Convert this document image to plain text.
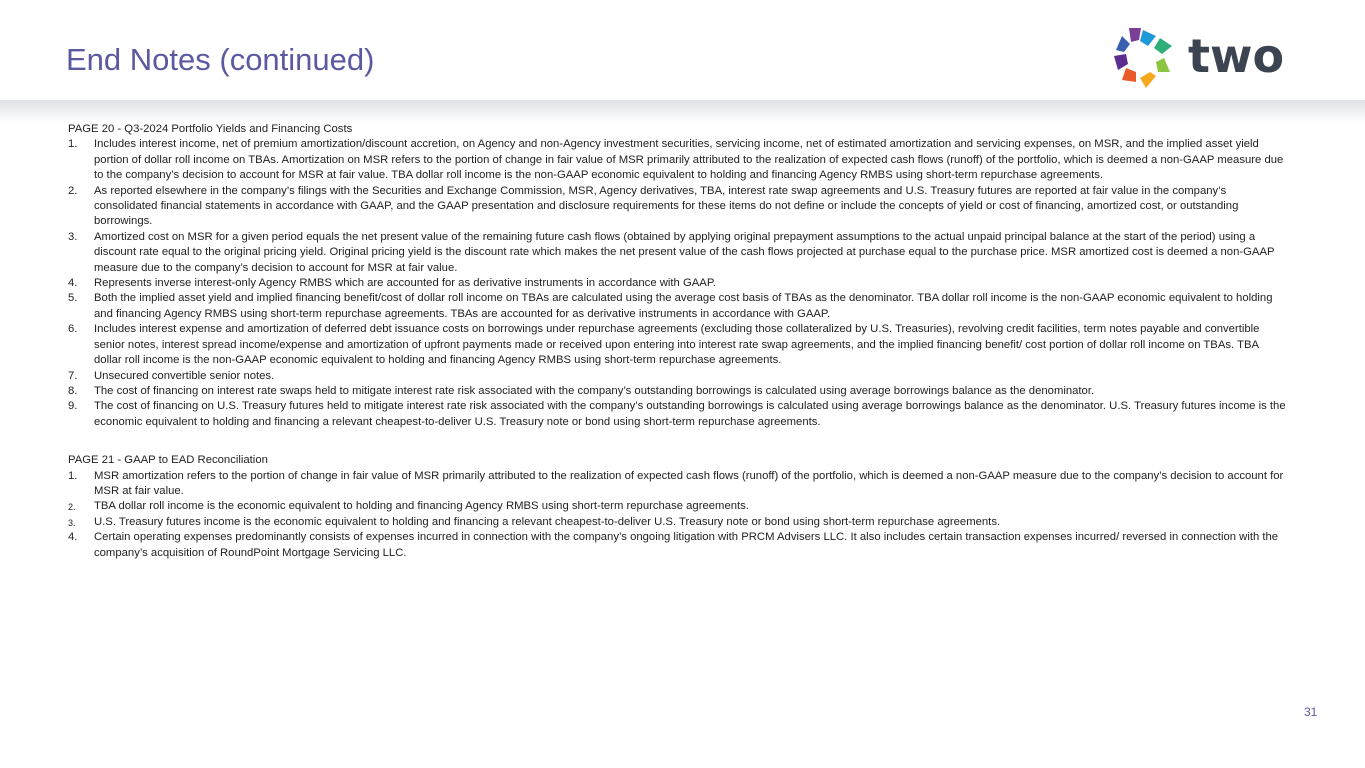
End Notes (continued)	two

PAGE 20 - Q3-2024 Portfolio Yields and Financing Costs

1. Includes interest income, net of premium amortization/discount accretion, on Agency and non-Agency investment securities, servicing income, net of estimated amortization and servicing expenses, on MSR, and the implied asset yield portion of dollar roll income on TBAs. Amortization on MSR refers to the portion of change in fair value of MSR primarily attributed to the realization of expected cash flows (runoff) of the portfolio, which is deemed a non-GAAP measure due to the company’s decision to account for MSR at fair value. TBA dollar roll income is the non-GAAP economic equivalent to holding and financing Agency RMBS using short-term repurchase agreements.
2. As reported elsewhere in the company’s filings with the Securities and Exchange Commission, MSR, Agency derivatives, TBA, interest rate swap agreements and U.S. Treasury futures are reported at fair value in the company’s consolidated financial statements in accordance with GAAP, and the GAAP presentation and disclosure requirements for these items do not define or include the concepts of yield or cost of financing, amortized cost, or outstanding borrowings.
3. Amortized cost on MSR for a given period equals the net present value of the remaining future cash flows (obtained by applying original prepayment assumptions to the actual unpaid principal balance at the start of the period) using a discount rate equal to the original pricing yield. Original pricing yield is the discount rate which makes the net present value of the cash flows projected at purchase equal to the purchase price. MSR amortized cost is deemed a non-GAAP measure due to the company’s decision to account for MSR at fair value.
4. Represents inverse interest-only Agency RMBS which are accounted for as derivative instruments in accordance with GAAP.
5. Both the implied asset yield and implied financing benefit/cost of dollar roll income on TBAs are calculated using the average cost basis of TBAs as the denominator. TBA dollar roll income is the non-GAAP economic equivalent to holding and financing Agency RMBS using short-term repurchase agreements. TBAs are accounted for as derivative instruments in accordance with GAAP.
6. Includes interest expense and amortization of deferred debt issuance costs on borrowings under repurchase agreements (excluding those collateralized by U.S. Treasuries), revolving credit facilities, term notes payable and convertible senior notes, interest spread income/expense and amortization of upfront payments made or received upon entering into interest rate swap agreements, and the implied financing benefit/ cost portion of dollar roll income on TBAs. TBA dollar roll income is the non-GAAP economic equivalent to holding and financing Agency RMBS using short-term repurchase agreements.
7. Unsecured convertible senior notes.
8. The cost of financing on interest rate swaps held to mitigate interest rate risk associated with the company’s outstanding borrowings is calculated using average borrowings balance as the denominator.
9. The cost of financing on U.S. Treasury futures held to mitigate interest rate risk associated with the company’s outstanding borrowings is calculated using average borrowings balance as the denominator. U.S. Treasury futures income is the economic equivalent to holding and financing a relevant cheapest-to-deliver U.S. Treasury note or bond using short-term repurchase agreements.

PAGE 21 - GAAP to EAD Reconciliation

1. MSR amortization refers to the portion of change in fair value of MSR primarily attributed to the realization of expected cash flows (runoff) of the portfolio, which is deemed a non-GAAP measure due to the company’s decision to account for MSR at fair value.
2. TBA dollar roll income is the economic equivalent to holding and financing Agency RMBS using short-term repurchase agreements.
3. U.S. Treasury futures income is the economic equivalent to holding and financing a relevant cheapest-to-deliver U.S. Treasury note or bond using short-term repurchase agreements.
4. Certain operating expenses predominantly consists of expenses incurred in connection with the company’s ongoing litigation with PRCM Advisers LLC. It also includes certain transaction expenses incurred/ reversed in connection with the company’s acquisition of RoundPoint Mortgage Servicing LLC.
31
